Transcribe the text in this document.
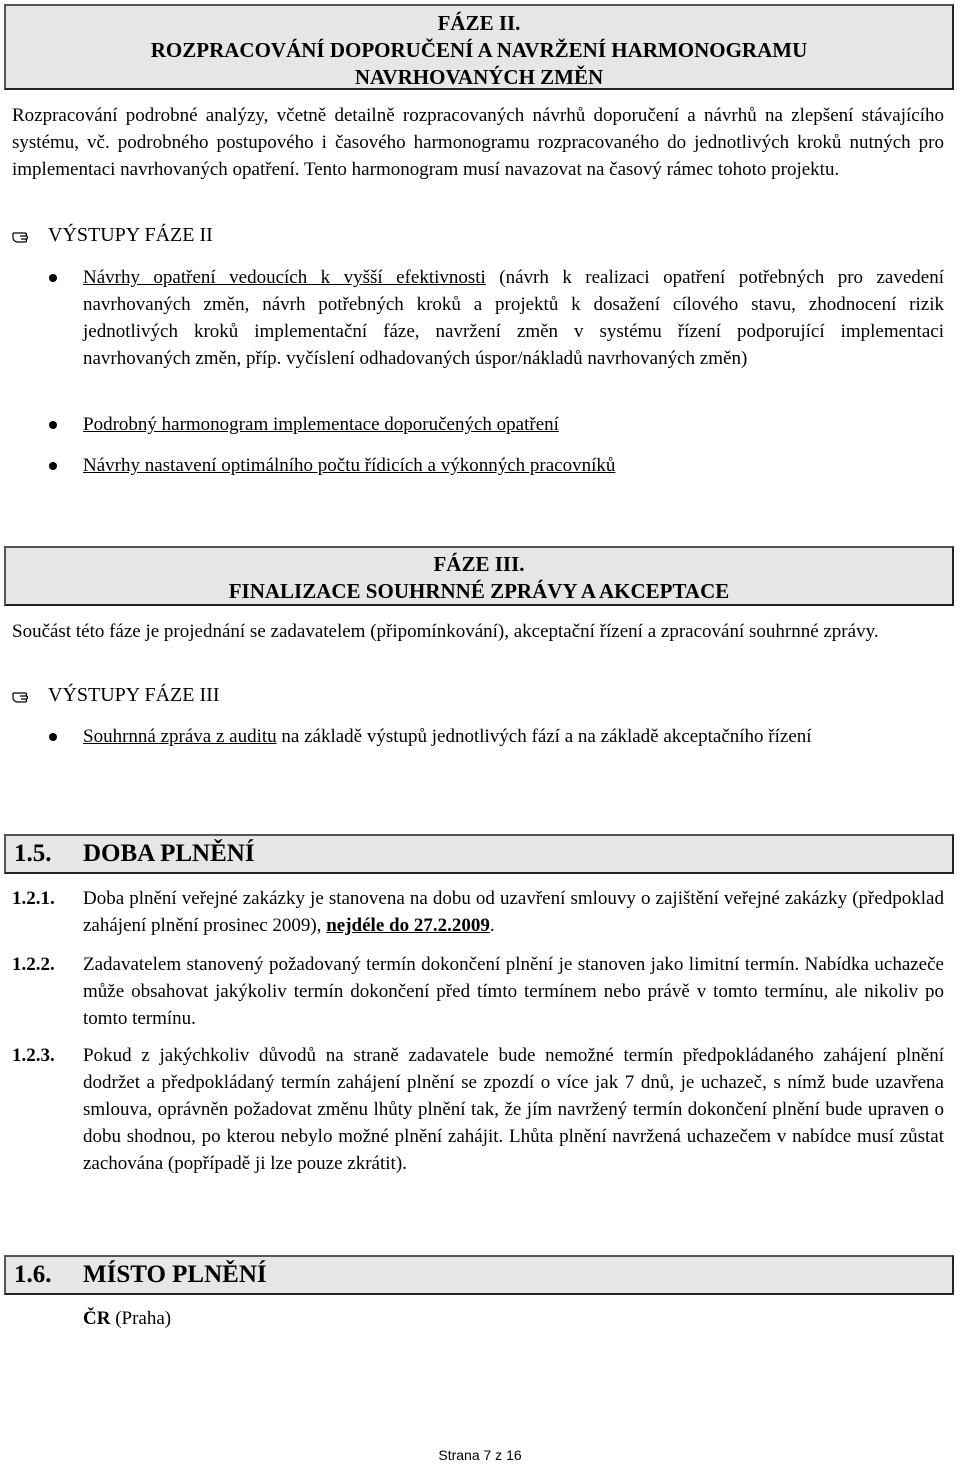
FÁZE II.
ROZPRACOVÁNÍ DOPORUČENÍ A NAVRŽENÍ HARMONOGRAMU
NAVRHOVANÝCH ZMĚN

Rozpracování podrobné analýzy, včetně detailně rozpracovaných návrhů doporučení a návrhů na zlepšení stávajícího systému, vč. podrobného postupového i časového harmonogramu rozpracovaného do jednotlivých kroků nutných pro implementaci navrhovaných opatření. Tento harmonogram musí navazovat na časový rámec tohoto projektu.

VÝSTUPY FÁZE II
Návrhy opatření vedoucích k vyšší efektivnosti (návrh k realizaci opatření potřebných pro zavedení navrhovaných změn, návrh potřebných kroků a projektů k dosažení cílového stavu, zhodnocení rizik jednotlivých kroků implementační fáze, navržení změn v systému řízení podporující implementaci navrhovaných změn, příp. vyčíslení odhadovaných úspor/nákladů navrhovaných změn)
Podrobný harmonogram implementace doporučených opatření
Návrhy nastavení optimálního počtu řídicích a výkonných pracovníků
FÁZE III.
FINALIZACE SOUHRNNÉ ZPRÁVY A AKCEPTACE

Součást této fáze je projednání se zadavatelem (připomínkování), akceptační řízení a zpracování souhrnné zprávy.

VÝSTUPY FÁZE III
Souhrnná zpráva z auditu na základě výstupů jednotlivých fází a na základě akceptačního řízení
1.5. DOBA PLNĚNÍ
1.2.1. Doba plnění veřejné zakázky je stanovena na dobu od uzavření smlouvy o zajištění veřejné zakázky (předpoklad zahájení plnění prosinec 2009), nejdéle do 27.2.2009.
1.2.2. Zadavatelem stanovený požadovaný termín dokončení plnění je stanoven jako limitní termín. Nabídka uchazeče může obsahovat jakýkoliv termín dokončení před tímto termínem nebo právě v tomto termínu, ale nikoliv po tomto termínu.
1.2.3. Pokud z jakýchkoliv důvodů na straně zadavatele bude nemožné termín předpokládaného zahájení plnění dodržet a předpokládaný termín zahájení plnění se zpozdí o více jak 7 dnů, je uchazeč, s nímž bude uzavřena smlouva, oprávněn požadovat změnu lhůty plnění tak, že jím navržený termín dokončení plnění bude upraven o dobu shodnou, po kterou nebylo možné plnění zahájit. Lhůta plnění navržená uchazečem v nabídce musí zůstat zachována (popřípadě ji lze pouze zkrátit).
1.6. MÍSTO PLNĚNÍ
ČR (Praha)
Strana 7 z 16
